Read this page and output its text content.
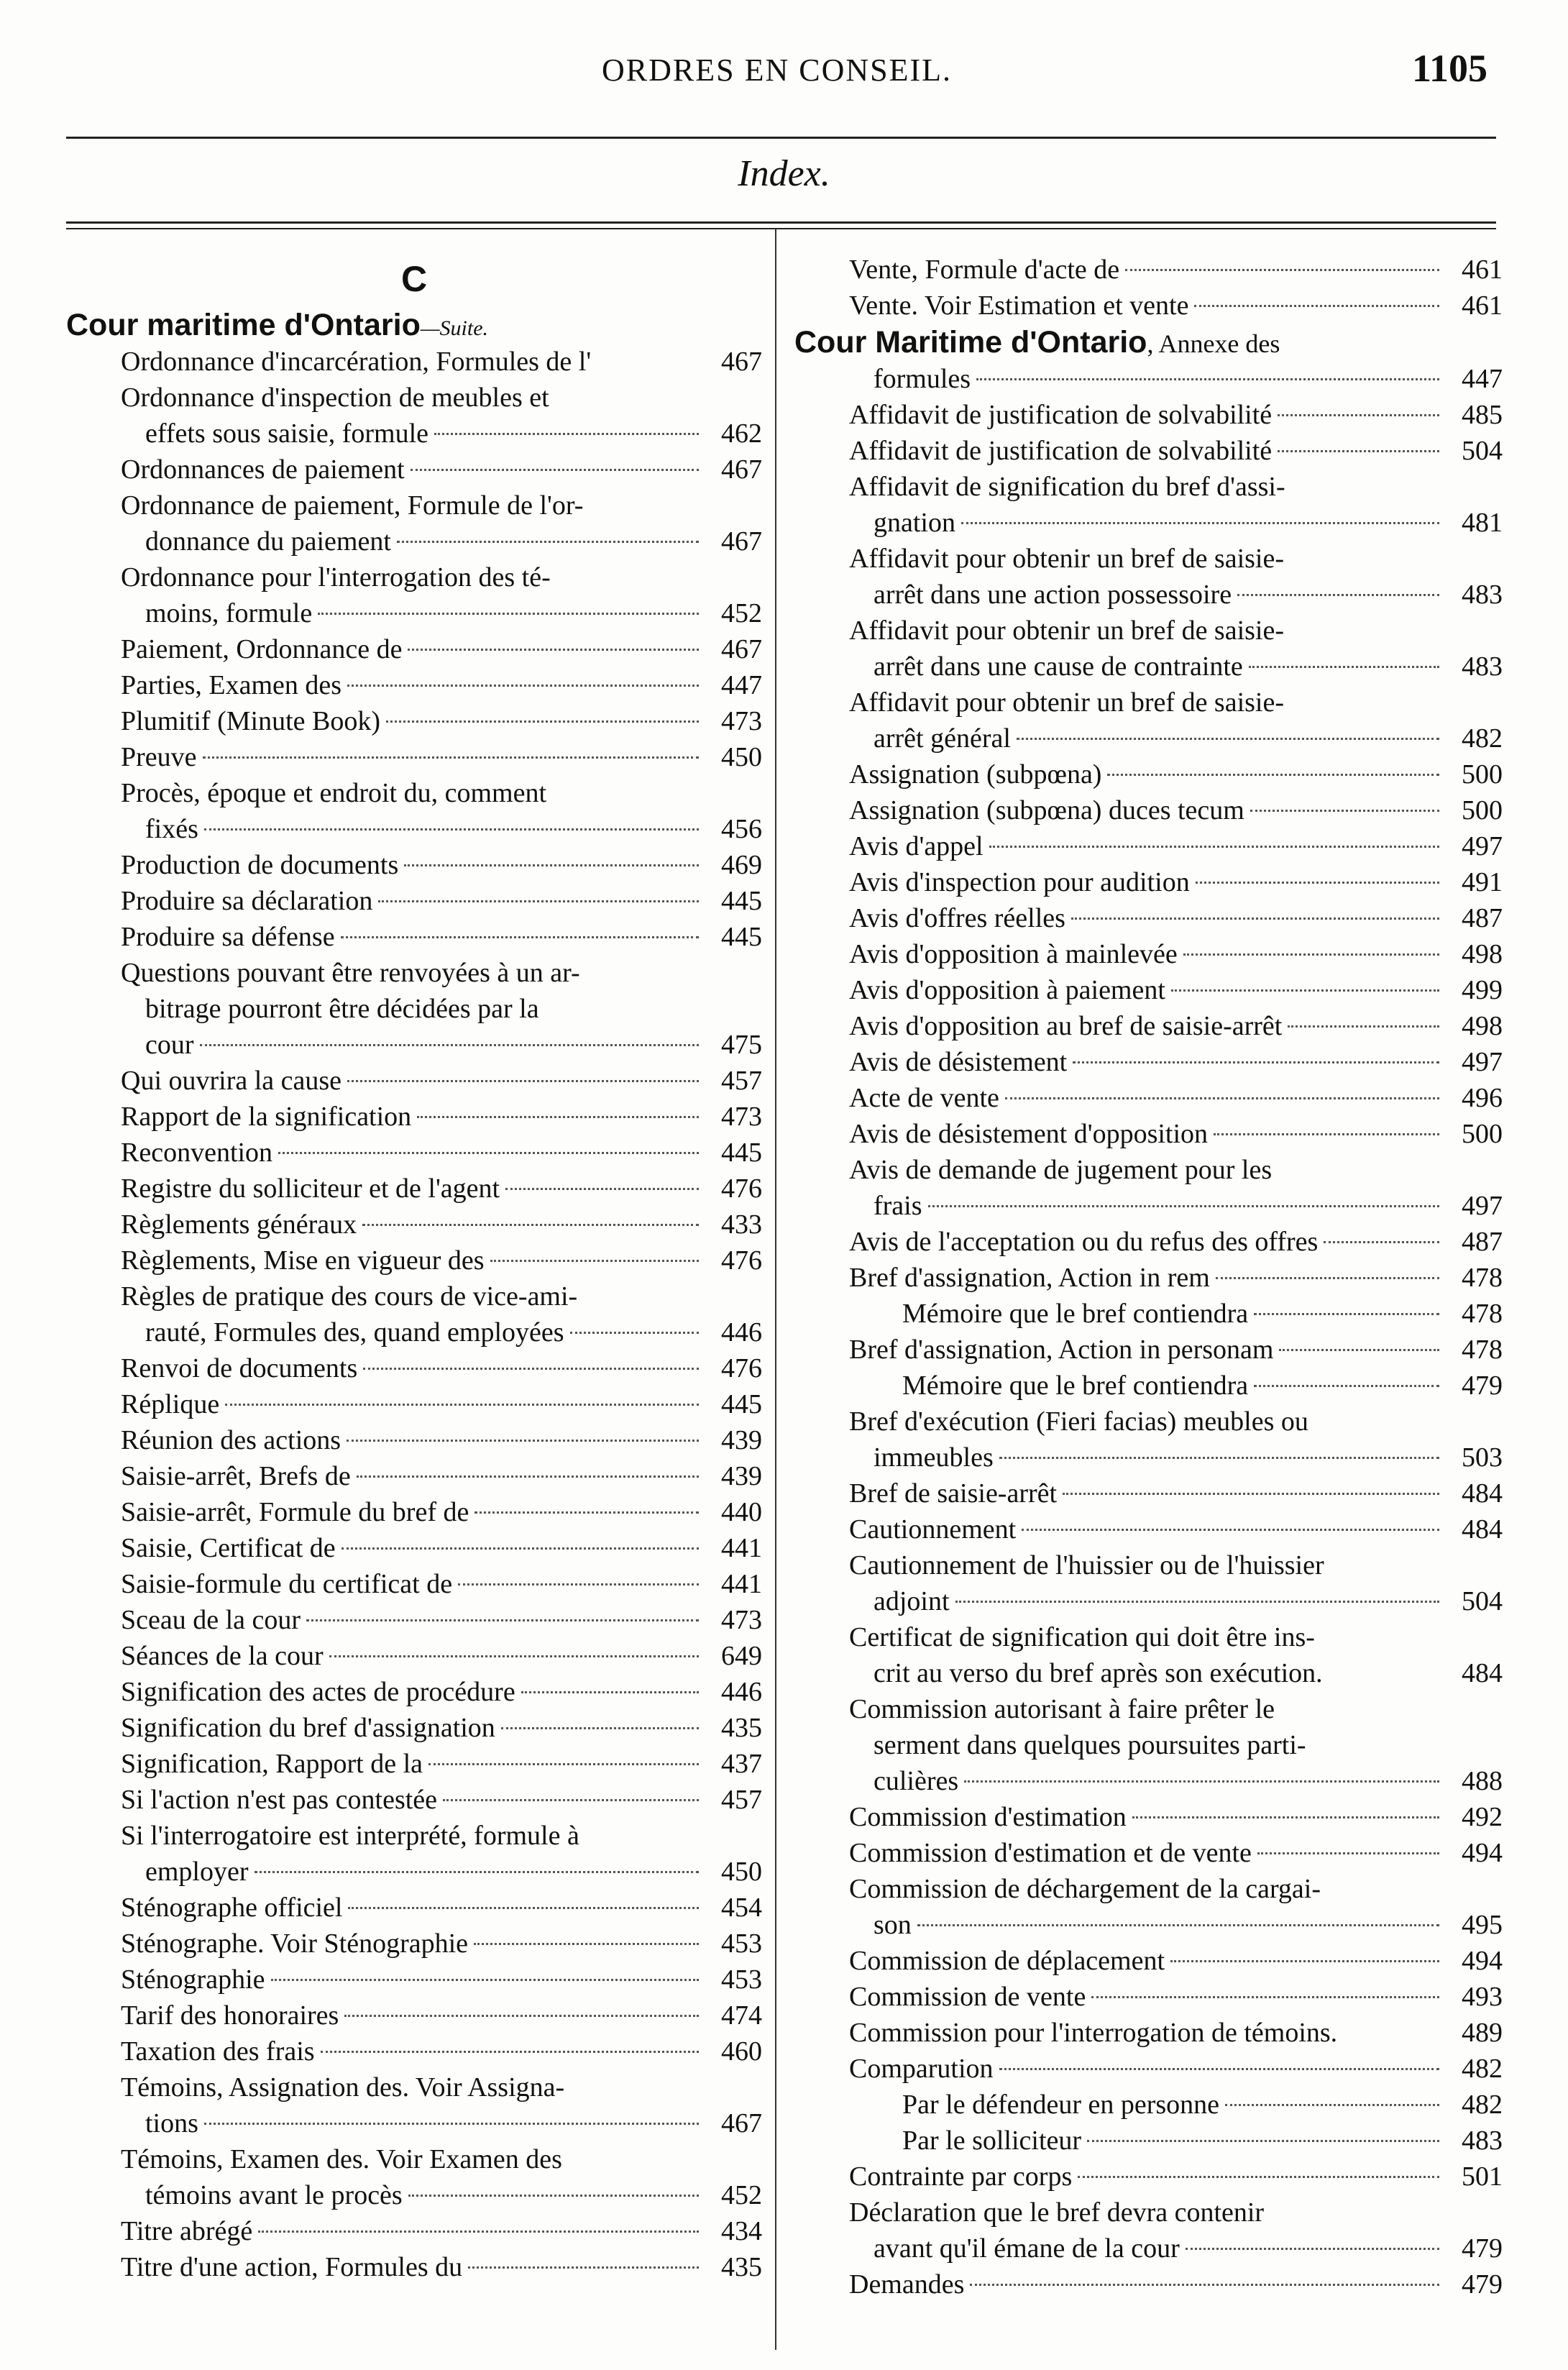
ORDRES EN CONSEIL.	1105
Index.
C
Cour maritime d'Ontario—Suite.
Ordonnance d'incarcération, Formules de l'	467
Ordonnance d'inspection de meubles et
effets sous saisie, formule	462
Ordonnances de paiement	467
Ordonnance de paiement, Formule de l'or-
donnance du paiement	467
Ordonnance pour l'interrogation des té-
moins, formule	452
Paiement, Ordonnance de	467
Parties, Examen des	447
Plumitif (Minute Book)	473
Preuve	450
Procès, époque et endroit du, comment
fixés	456
Production de documents	469
Produire sa déclaration	445
Produire sa défense	445
Questions pouvant être renvoyées à un ar-
bitrage pourront être décidées par la
cour	475
Qui ouvrira la cause	457
Rapport de la signification	473
Reconvention	445
Registre du solliciteur et de l'agent	476
Règlements généraux	433
Règlements, Mise en vigueur des	476
Règles de pratique des cours de vice-ami-
rauté, Formules des, quand employées	446
Renvoi de documents	476
Réplique	445
Réunion des actions	439
Saisie-arrêt, Brefs de	439
Saisie-arrêt, Formule du bref de	440
Saisie, Certificat de	441
Saisie-formule du certificat de	441
Sceau de la cour	473
Séances de la cour	649
Signification des actes de procédure	446
Signification du bref d'assignation	435
Signification, Rapport de la	437
Si l'action n'est pas contestée	457
Si l'interrogatoire est interprété, formule à
employer	450
Sténographe officiel	454
Sténographe. Voir Sténographie	453
Sténographie	453
Tarif des honoraires	474
Taxation des frais	460
Témoins, Assignation des. Voir Assigna-
tions	467
Témoins, Examen des. Voir Examen des
témoins avant le procès	452
Titre abrégé	434
Titre d'une action, Formules du	435
Vente, Formule d'acte de	461
Vente. Voir Estimation et vente	461
Cour Maritime d'Ontario, Annexe des
formules	447
Affidavit de justification de solvabilité	485
Affidavit de justification de solvabilité	504
Affidavit de signification du bref d'assi-
gnation	481
Affidavit pour obtenir un bref de saisie-
arrêt dans une action possessoire	483
Affidavit pour obtenir un bref de saisie-
arrêt dans une cause de contrainte	483
Affidavit pour obtenir un bref de saisie-
arrêt général	482
Assignation (subpœna)	500
Assignation (subpœna) duces tecum	500
Avis d'appel	497
Avis d'inspection pour audition	491
Avis d'offres réelles	487
Avis d'opposition à mainlevée	498
Avis d'opposition à paiement	499
Avis d'opposition au bref de saisie-arrêt	498
Avis de désistement	497
Acte de vente	496
Avis de désistement d'opposition	500
Avis de demande de jugement pour les
frais	497
Avis de l'acceptation ou du refus des offres	487
Bref d'assignation, Action in rem	478
Mémoire que le bref contiendra	478
Bref d'assignation, Action in personam	478
Mémoire que le bref contiendra	479
Bref d'exécution (Fieri facias) meubles ou
immeubles	503
Bref de saisie-arrêt	484
Cautionnement	484
Cautionnement de l'huissier ou de l'huissier
adjoint	504
Certificat de signification qui doit être ins-
crit au verso du bref après son exécution.	484
Commission autorisant à faire prêter le
serment dans quelques poursuites parti-
culières	488
Commission d'estimation	492
Commission d'estimation et de vente	494
Commission de déchargement de la cargai-
son	495
Commission de déplacement	494
Commission de vente	493
Commission pour l'interrogation de témoins.	489
Comparution	482
Par le défendeur en personne	482
Par le solliciteur	483
Contrainte par corps	501
Déclaration que le bref devra contenir
avant qu'il émane de la cour	479
Demandes	479
